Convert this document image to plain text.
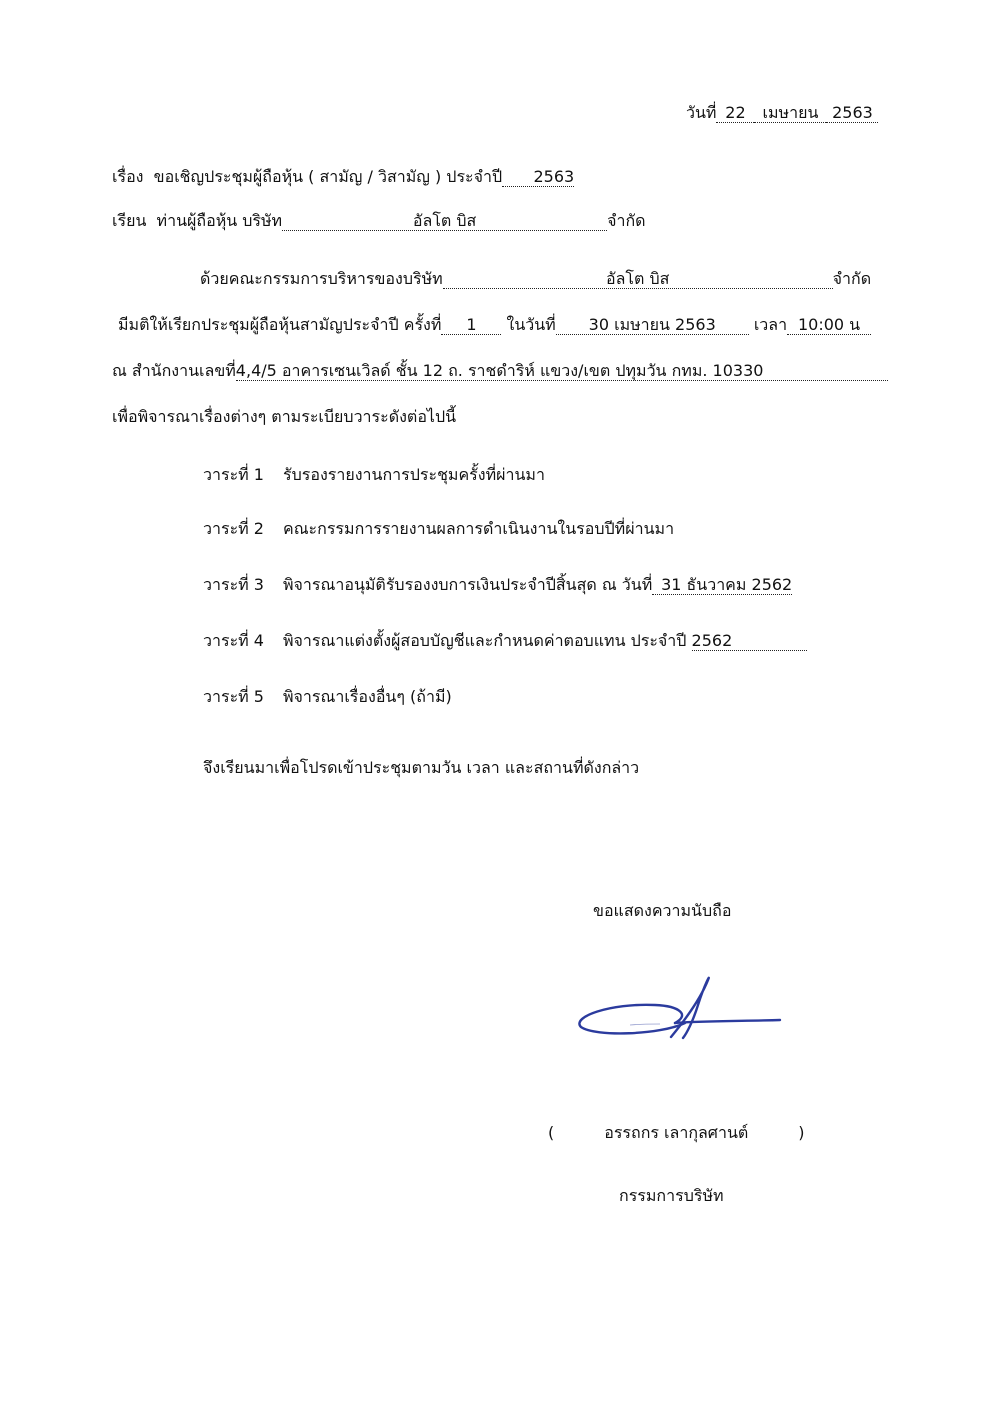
วันที่ 22 เมษายน 2563
เรื่อง ขอเชิญประชุมผู้ถือหุ้น ( สามัญ / วิสามัญ ) ประจำปี 2563
เรียน ท่านผู้ถือหุ้น บริษัท	อัลโต บิส	จำกัด
ด้วยคณะกรรมการบริหารของบริษัท	อัลโต บิส	จำกัด
มีมติให้เรียกประชุมผู้ถือหุ้นสามัญประจำปี ครั้งที่ 1 ในวันที่ 30 เมษายน 2563 เวลา 10:00 น
ณ สำนักงานเลขที่4,4/5 อาคารเซนเวิลด์ ชั้น 12 ถ. ราชดำริห์ แขวง/เขต ปทุมวัน กทม. 10330
เพื่อพิจารณาเรื่องต่างๆ ตามระเบียบวาระดังต่อไปนี้
วาระที่ 1 รับรองรายงานการประชุมครั้งที่ผ่านมา
วาระที่ 2 คณะกรรมการรายงานผลการดำเนินงานในรอบปีที่ผ่านมา
วาระที่ 3 พิจารณาอนุมัติรับรองงบการเงินประจำปีสิ้นสุด ณ วันที่ 31 ธันวาคม 2562
วาระที่ 4 พิจารณาแต่งตั้งผู้สอบบัญชีและกำหนดค่าตอบแทน ประจำปี 2562
วาระที่ 5 พิจารณาเรื่องอื่นๆ (ถ้ามี)
จึงเรียนมาเพื่อโปรดเข้าประชุมตามวัน เวลา และสถานที่ดังกล่าว
ขอแสดงความนับถือ
(	อรรถกร เลากุลศานต์	)
กรรมการบริษัท
